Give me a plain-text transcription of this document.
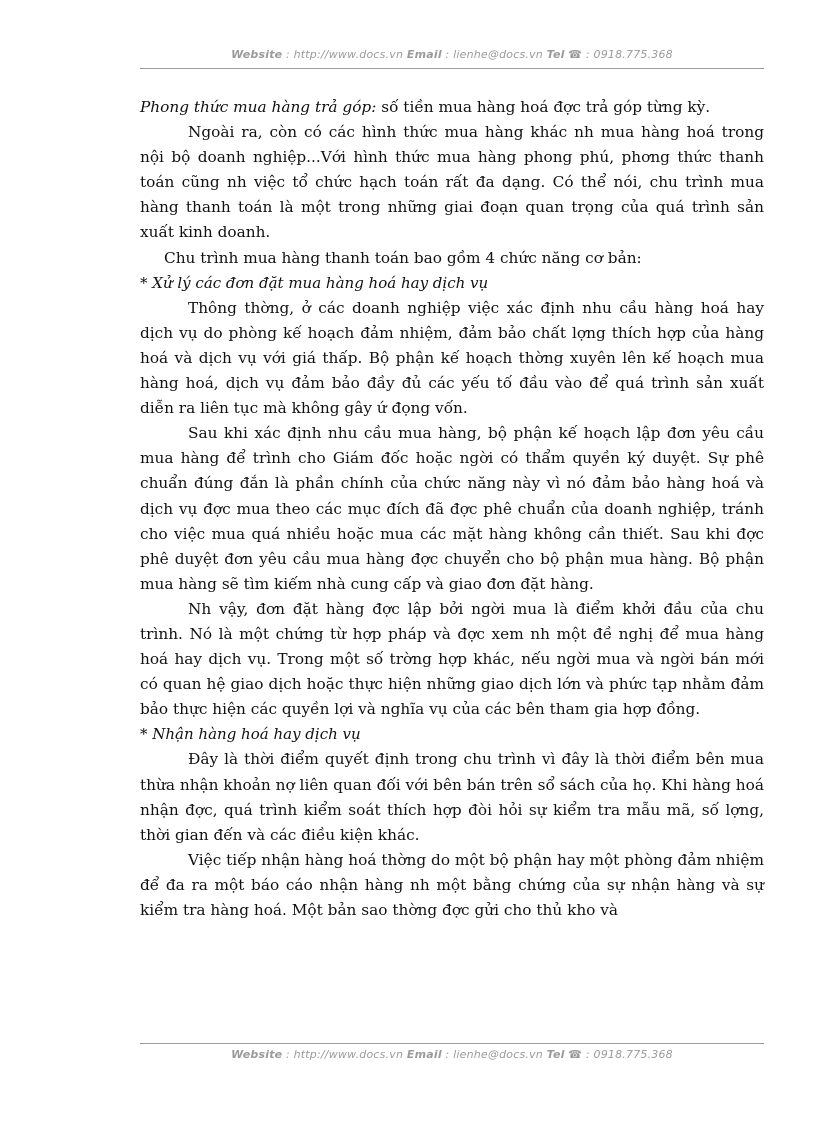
Website : http://www.docs.vn Email : lienhe@docs.vn Tel ☎ : 0918.775.368

Phong thức mua hàng trả góp: số tiền mua hàng hoá đợc trả góp từng kỳ.

Ngoài ra, còn có các hình thức mua hàng khác nh mua hàng hoá trong nội bộ doanh nghiệp...Với hình thức mua hàng phong phú, phơng thức thanh toán cũng nh việc tổ chức hạch toán rất đa dạng. Có thể nói, chu trình mua hàng thanh toán là một trong những giai đoạn quan trọng của quá trình sản xuất kinh doanh.

Chu trình mua hàng thanh toán bao gồm 4 chức năng cơ bản:

* Xử lý các đơn đặt mua hàng hoá hay dịch vụ

Thông thờng, ở các doanh nghiệp việc xác định nhu cầu hàng hoá hay dịch vụ do phòng kế hoạch đảm nhiệm, đảm bảo chất lợng thích hợp của hàng hoá và dịch vụ với giá thấp. Bộ phận kế hoạch thờng xuyên lên kế hoạch mua hàng hoá, dịch vụ đảm bảo đầy đủ các yếu tố đầu vào để quá trình sản xuất diễn ra liên tục mà không gây ứ đọng vốn.

Sau khi xác định nhu cầu mua hàng, bộ phận kế hoạch lập đơn yêu cầu mua hàng để trình cho Giám đốc hoặc ngời có thẩm quyền ký duyệt. Sự phê chuẩn đúng đắn là phần chính của chức năng này vì nó đảm bảo hàng hoá và dịch vụ đợc mua theo các mục đích đã đợc phê chuẩn của doanh nghiệp, tránh cho việc mua quá nhiều hoặc mua các mặt hàng không cần thiết. Sau khi đợc phê duyệt đơn yêu cầu mua hàng đợc chuyển cho bộ phận mua hàng. Bộ phận mua hàng sẽ tìm kiếm nhà cung cấp và giao đơn đặt hàng.

Nh vậy, đơn đặt hàng đợc lập bởi ngời mua là điểm khởi đầu của chu trình. Nó là một chứng từ hợp pháp và đợc xem nh một đề nghị để mua hàng hoá hay dịch vụ. Trong một số trờng hợp khác, nếu ngời mua và ngời bán mới có quan hệ giao dịch hoặc thực hiện những giao dịch lớn và phức tạp nhằm đảm bảo thực hiện các quyền lợi và nghĩa vụ của các bên tham gia hợp đồng.

* Nhận hàng hoá hay dịch vụ

Đây là thời điểm quyết định trong chu trình vì đây là thời điểm bên mua thừa nhận khoản nợ liên quan đối với bên bán trên sổ sách của họ. Khi hàng hoá nhận đợc, quá trình kiểm soát thích hợp đòi hỏi sự kiểm tra mẫu mã, số lợng, thời gian đến và các điều kiện khác.

Việc tiếp nhận hàng hoá thờng do một bộ phận hay một phòng đảm nhiệm để đa ra một báo cáo nhận hàng nh một bằng chứng của sự nhận hàng và sự kiểm tra hàng hoá. Một bản sao thờng đợc gửi cho thủ kho và

Website : http://www.docs.vn Email : lienhe@docs.vn Tel ☎ : 0918.775.368
